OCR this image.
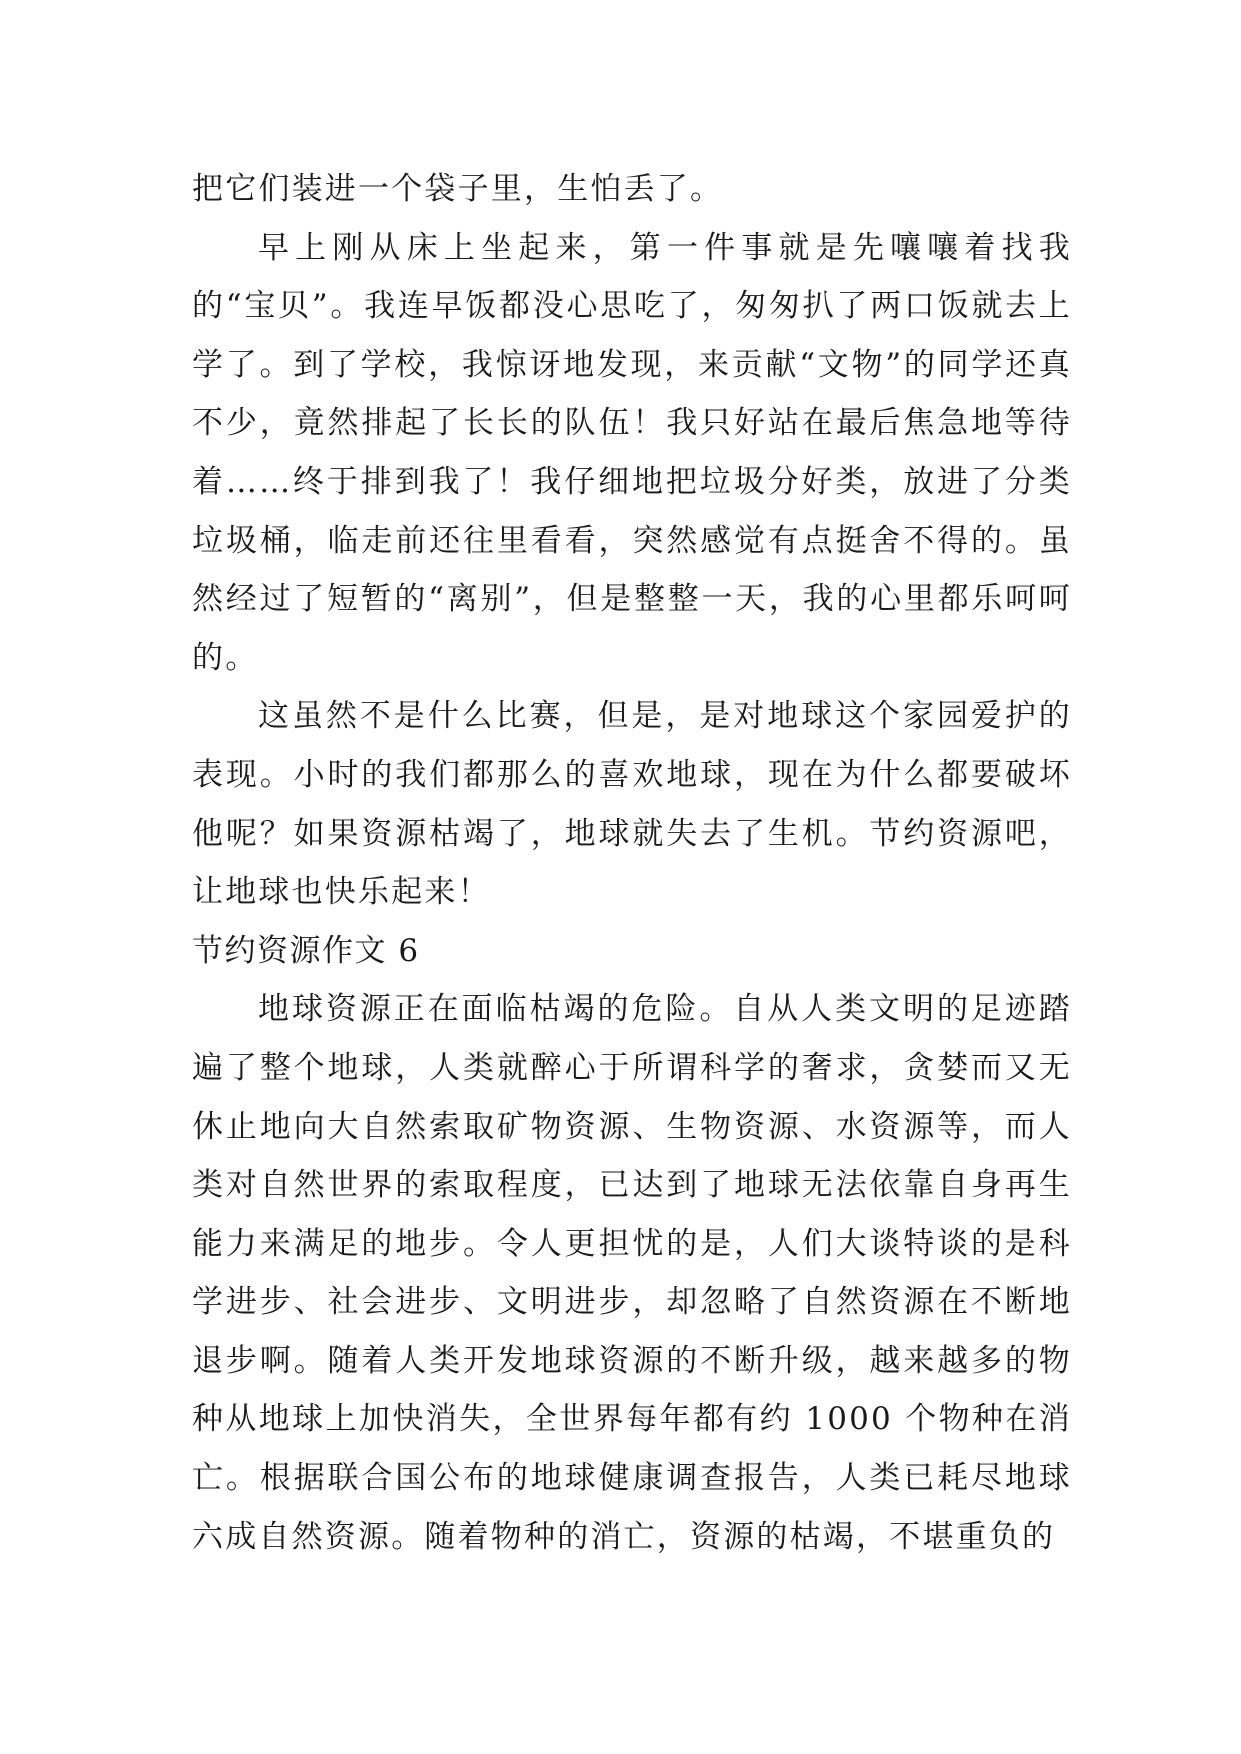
把它们装进一个袋子里，生怕丢了。

早上刚从床上坐起来，第一件事就是先嚷嚷着找我的“宝贝”。我连早饭都没心思吃了，匆匆扒了两口饭就去上学了。到了学校，我惊讶地发现，来贡献“文物”的同学还真不少，竟然排起了长长的队伍！我只好站在最后焦急地等待着……终于排到我了！我仔细地把垃圾分好类，放进了分类垃圾桶，临走前还往里看看，突然感觉有点挺舍不得的。虽然经过了短暂的“离别”，但是整整一天，我的心里都乐呵呵的。

这虽然不是什么比赛，但是，是对地球这个家园爱护的表现。小时的我们都那么的喜欢地球，现在为什么都要破坏他呢？如果资源枯竭了，地球就失去了生机。节约资源吧，让地球也快乐起来！

节约资源作文 6

地球资源正在面临枯竭的危险。自从人类文明的足迹踏遍了整个地球，人类就醉心于所谓科学的奢求，贪婪而又无休止地向大自然索取矿物资源、生物资源、水资源等，而人类对自然世界的索取程度，已达到了地球无法依靠自身再生能力来满足的地步。令人更担忧的是，人们大谈特谈的是科学进步、社会进步、文明进步，却忽略了自然资源在不断地退步啊。随着人类开发地球资源的不断升级，越来越多的物种从地球上加快消失，全世界每年都有约 1000 个物种在消亡。根据联合国公布的地球健康调查报告，人类已耗尽地球六成自然资源。随着物种的消亡，资源的枯竭，不堪重负的
